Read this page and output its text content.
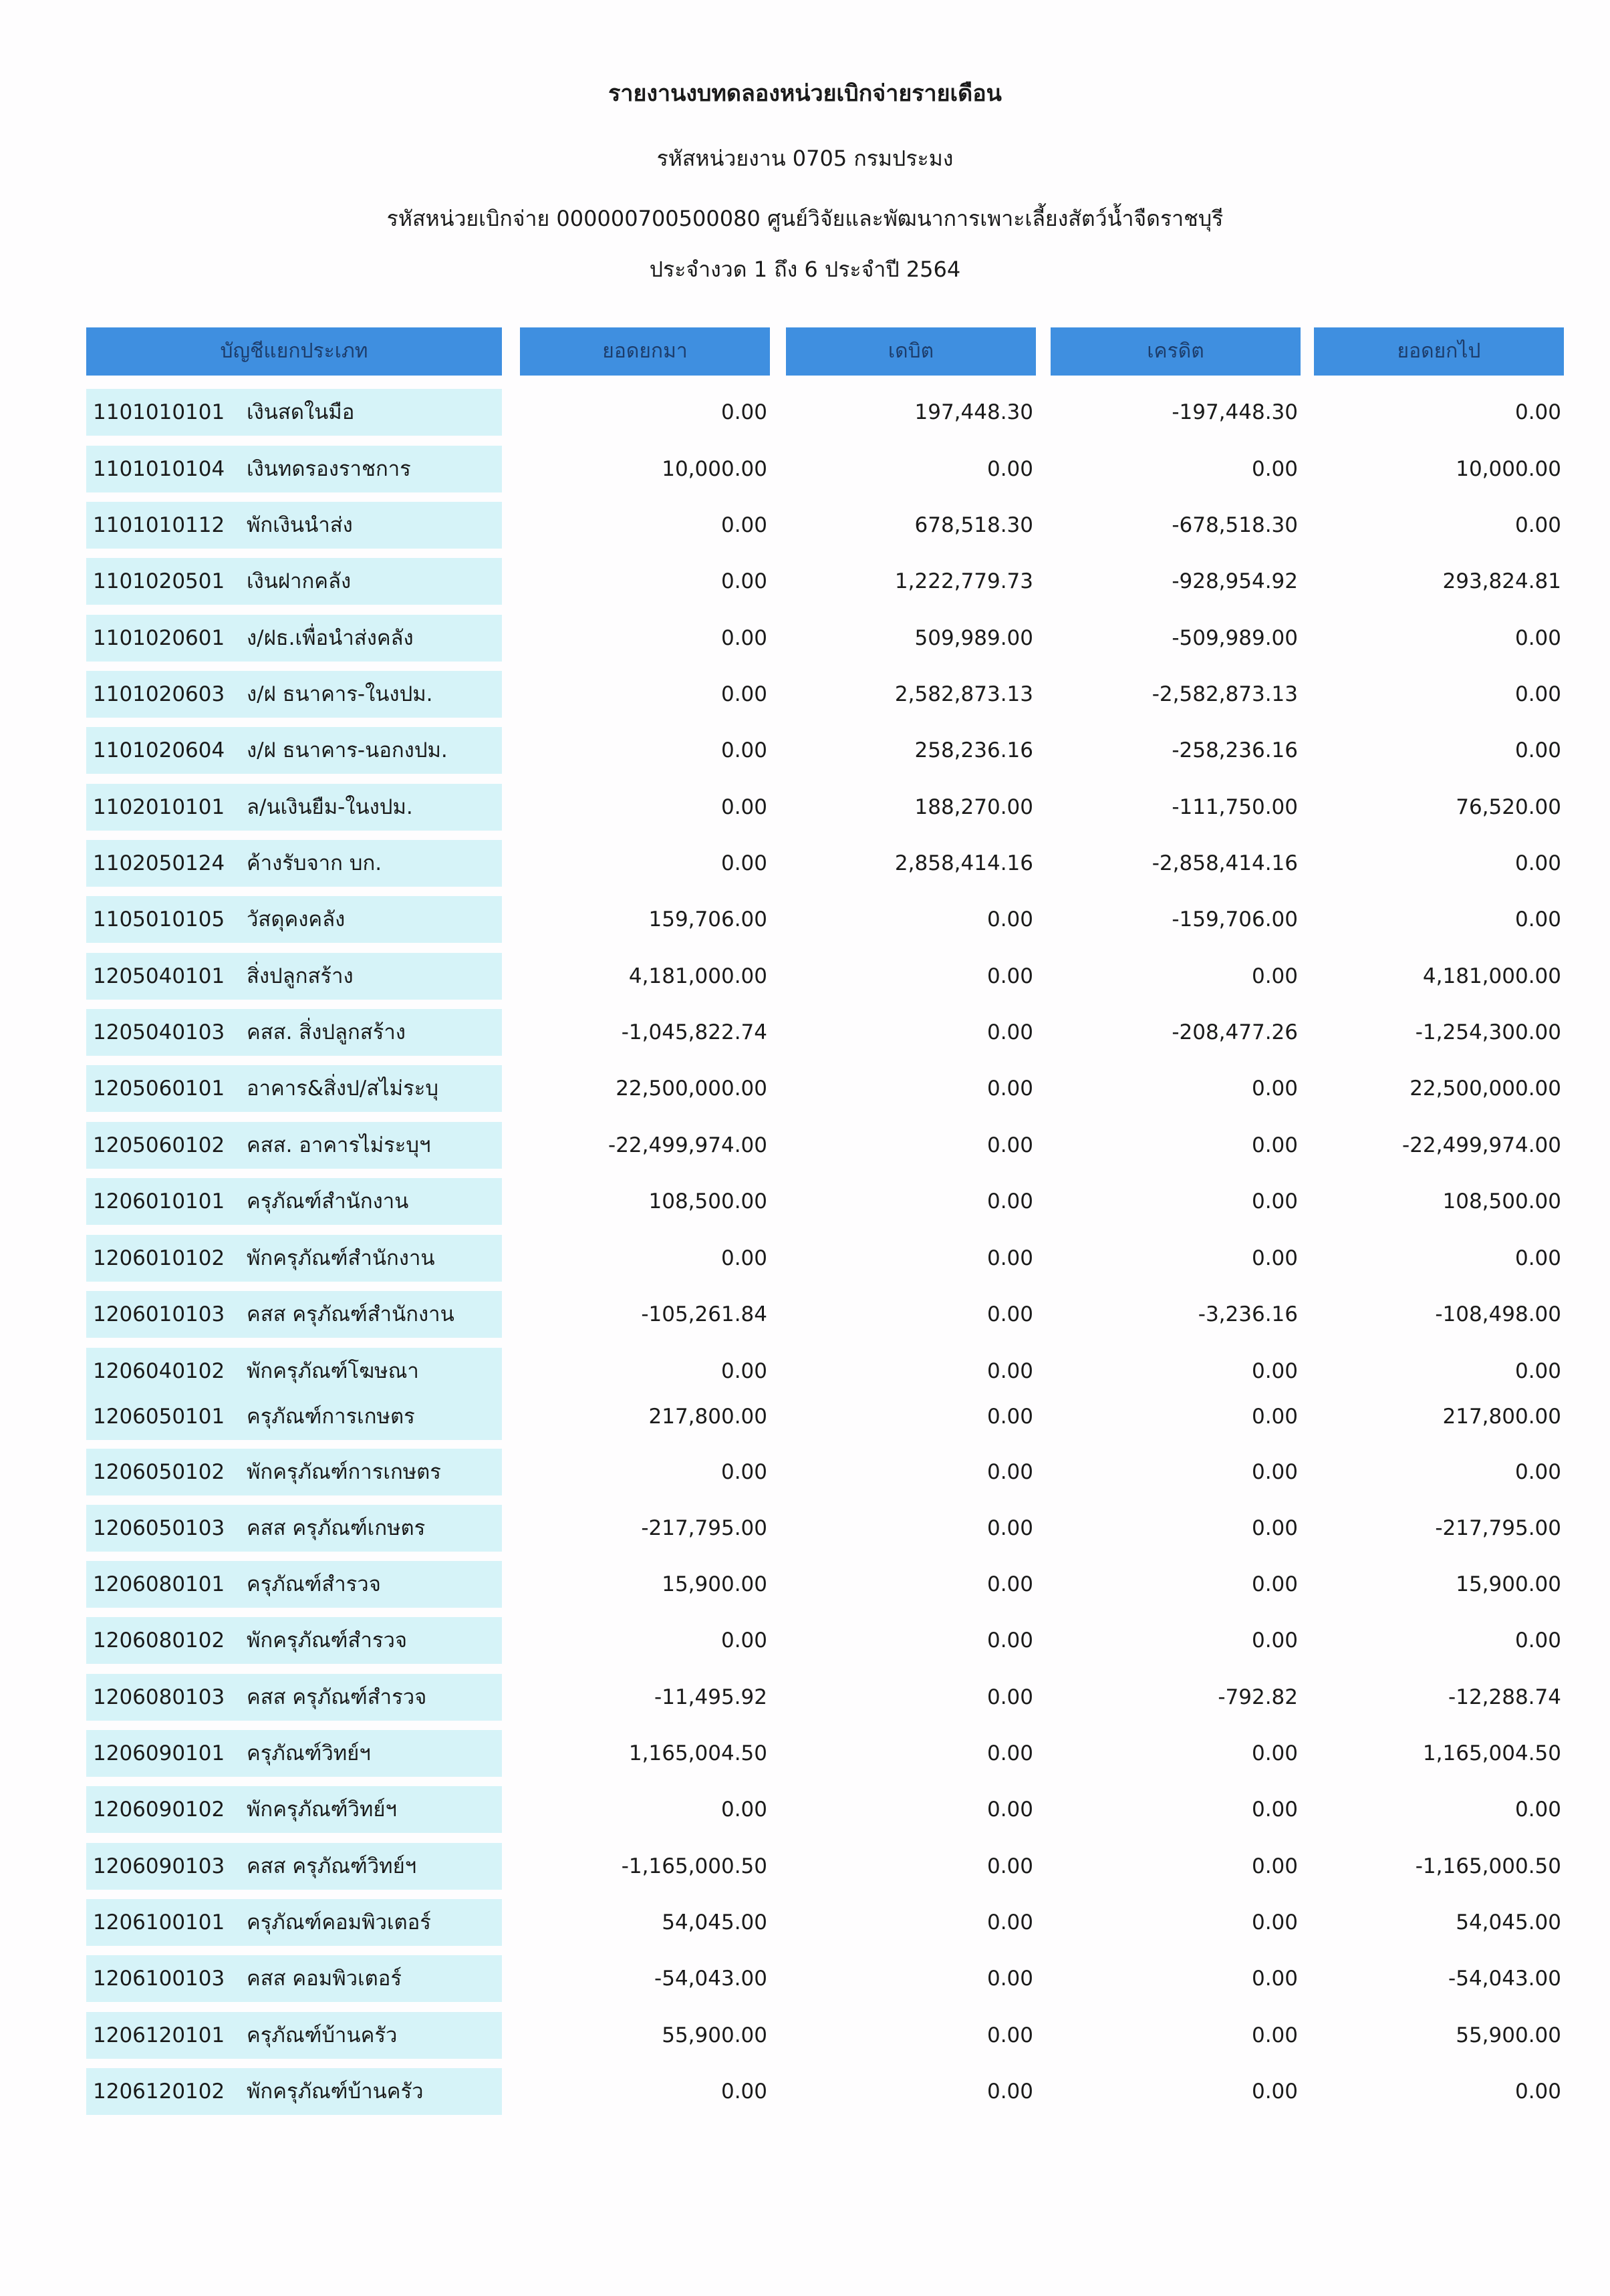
รายงานงบทดลองหน่วยเบิกจ่ายรายเดือน
รหัสหน่วยงาน 0705 กรมประมง
รหัสหน่วยเบิกจ่าย 000000700500080 ศูนย์วิจัยและพัฒนาการเพาะเลี้ยงสัตว์น้ำจืดราชบุรี
ประจำงวด 1 ถึง 6 ประจำปี 2564
บัญชีแยกประเภท	ยอดยกมา	เดบิต	เครดิต	ยอดยกไป
1101010101 เงินสดในมือ	0.00	197,448.30	-197,448.30	0.00
1101010104 เงินทดรองราชการ	10,000.00	0.00	0.00	10,000.00
1101010112 พักเงินนำส่ง	0.00	678,518.30	-678,518.30	0.00
1101020501 เงินฝากคลัง	0.00	1,222,779.73	-928,954.92	293,824.81
1101020601 ง/ฝธ.เพื่อนำส่งคลัง	0.00	509,989.00	-509,989.00	0.00
1101020603 ง/ฝ ธนาคาร-ในงปม.	0.00	2,582,873.13	-2,582,873.13	0.00
1101020604 ง/ฝ ธนาคาร-นอกงปม.	0.00	258,236.16	-258,236.16	0.00
1102010101 ล/นเงินยืม-ในงปม.	0.00	188,270.00	-111,750.00	76,520.00
1102050124 ค้างรับจาก บก.	0.00	2,858,414.16	-2,858,414.16	0.00
1105010105 วัสดุคงคลัง	159,706.00	0.00	-159,706.00	0.00
1205040101 สิ่งปลูกสร้าง	4,181,000.00	0.00	0.00	4,181,000.00
1205040103 คสส. สิ่งปลูกสร้าง	-1,045,822.74	0.00	-208,477.26	-1,254,300.00
1205060101 อาคาร&สิ่งป/สไม่ระบุ	22,500,000.00	0.00	0.00	22,500,000.00
1205060102 คสส. อาคารไม่ระบุฯ	-22,499,974.00	0.00	0.00	-22,499,974.00
1206010101 ครุภัณฑ์สำนักงาน	108,500.00	0.00	0.00	108,500.00
1206010102 พักครุภัณฑ์สำนักงาน	0.00	0.00	0.00	0.00
1206010103 คสส ครุภัณฑ์สำนักงาน	-105,261.84	0.00	-3,236.16	-108,498.00
1206040102 พักครุภัณฑ์โฆษณา	0.00	0.00	0.00	0.00
1206050101 ครุภัณฑ์การเกษตร	217,800.00	0.00	0.00	217,800.00
1206050102 พักครุภัณฑ์การเกษตร	0.00	0.00	0.00	0.00
1206050103 คสส ครุภัณฑ์เกษตร	-217,795.00	0.00	0.00	-217,795.00
1206080101 ครุภัณฑ์สำรวจ	15,900.00	0.00	0.00	15,900.00
1206080102 พักครุภัณฑ์สำรวจ	0.00	0.00	0.00	0.00
1206080103 คสส ครุภัณฑ์สำรวจ	-11,495.92	0.00	-792.82	-12,288.74
1206090101 ครุภัณฑ์วิทย์ฯ	1,165,004.50	0.00	0.00	1,165,004.50
1206090102 พักครุภัณฑ์วิทย์ฯ	0.00	0.00	0.00	0.00
1206090103 คสส ครุภัณฑ์วิทย์ฯ	-1,165,000.50	0.00	0.00	-1,165,000.50
1206100101 ครุภัณฑ์คอมพิวเตอร์	54,045.00	0.00	0.00	54,045.00
1206100103 คสส คอมพิวเตอร์	-54,043.00	0.00	0.00	-54,043.00
1206120101 ครุภัณฑ์บ้านครัว	55,900.00	0.00	0.00	55,900.00
1206120102 พักครุภัณฑ์บ้านครัว	0.00	0.00	0.00	0.00
